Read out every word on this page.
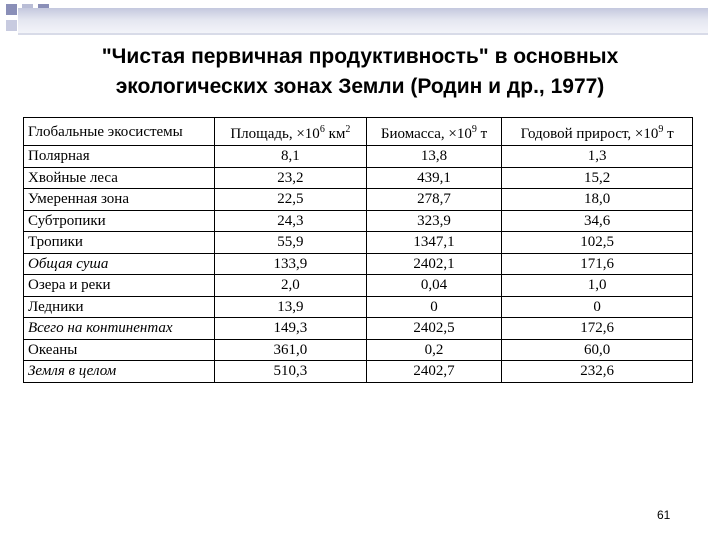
"Чистая первичная продуктивность" в основных
экологических зонах Земли (Родин и др., 1977)
Глобальные экосистемы	Площадь, $\times 10^6$ $км^2$	Биомасса, $\times 10^9$ т	Годовой прирост, $\times 10^9$ т
Полярная	8,1	13,8	1,3
Хвойные леса	23,2	439,1	15,2
Умеренная зона	22,5	278,7	18,0
Субтропики	24,3	323,9	34,6
Тропики	55,9	1347,1	102,5
Общая суша	133,9	2402,1	171,6
Озера и реки	2,0	0,04	1,0
Ледники	13,9	0	0
Всего на континентах	149,3	2402,5	172,6
Океаны	361,0	0,2	60,0
Земля в целом	510,3	2402,7	232,6
61
